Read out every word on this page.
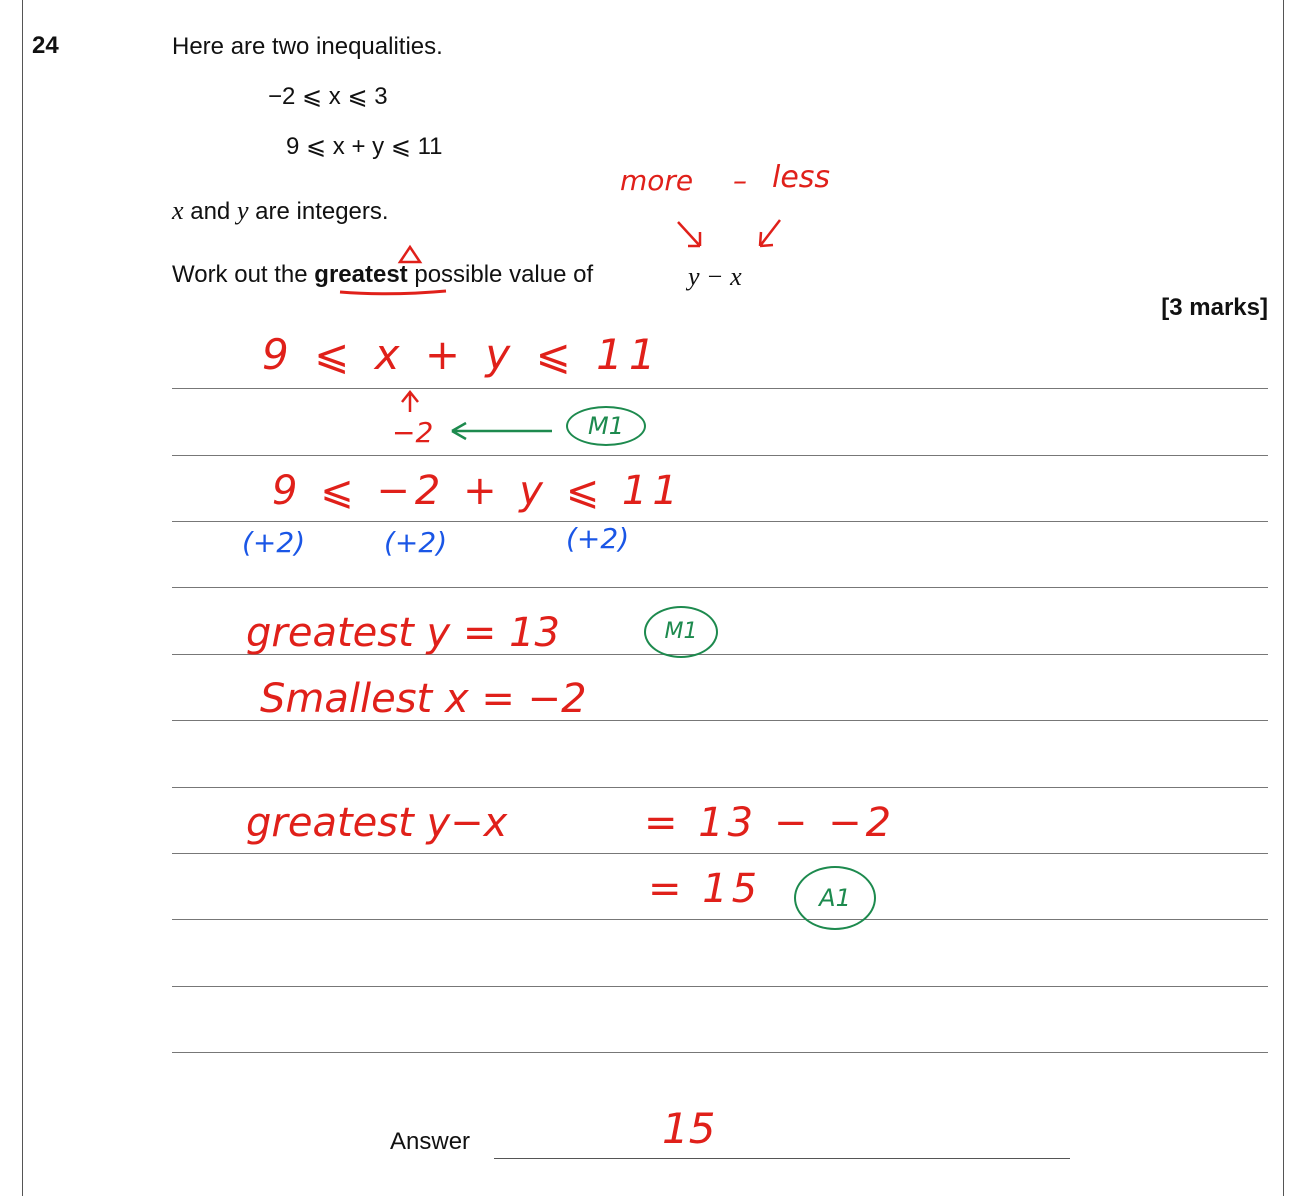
24	Here are two inequalities.
−2 ⩽ x ⩽ 3
9 ⩽ x + y ⩽ 11
x and y are integers.
Work out the greatest possible value of	y − x
[3 marks]
Answer
more – less
9 ⩽ x + y ⩽ 11
−2	M1
9 ⩽ −2 + y ⩽ 11
(+2)	(+2)	(+2)
greatest y = 13	M1
Smallest x = −2
greatest y−x	= 13 − −2
= 15	A1
15
